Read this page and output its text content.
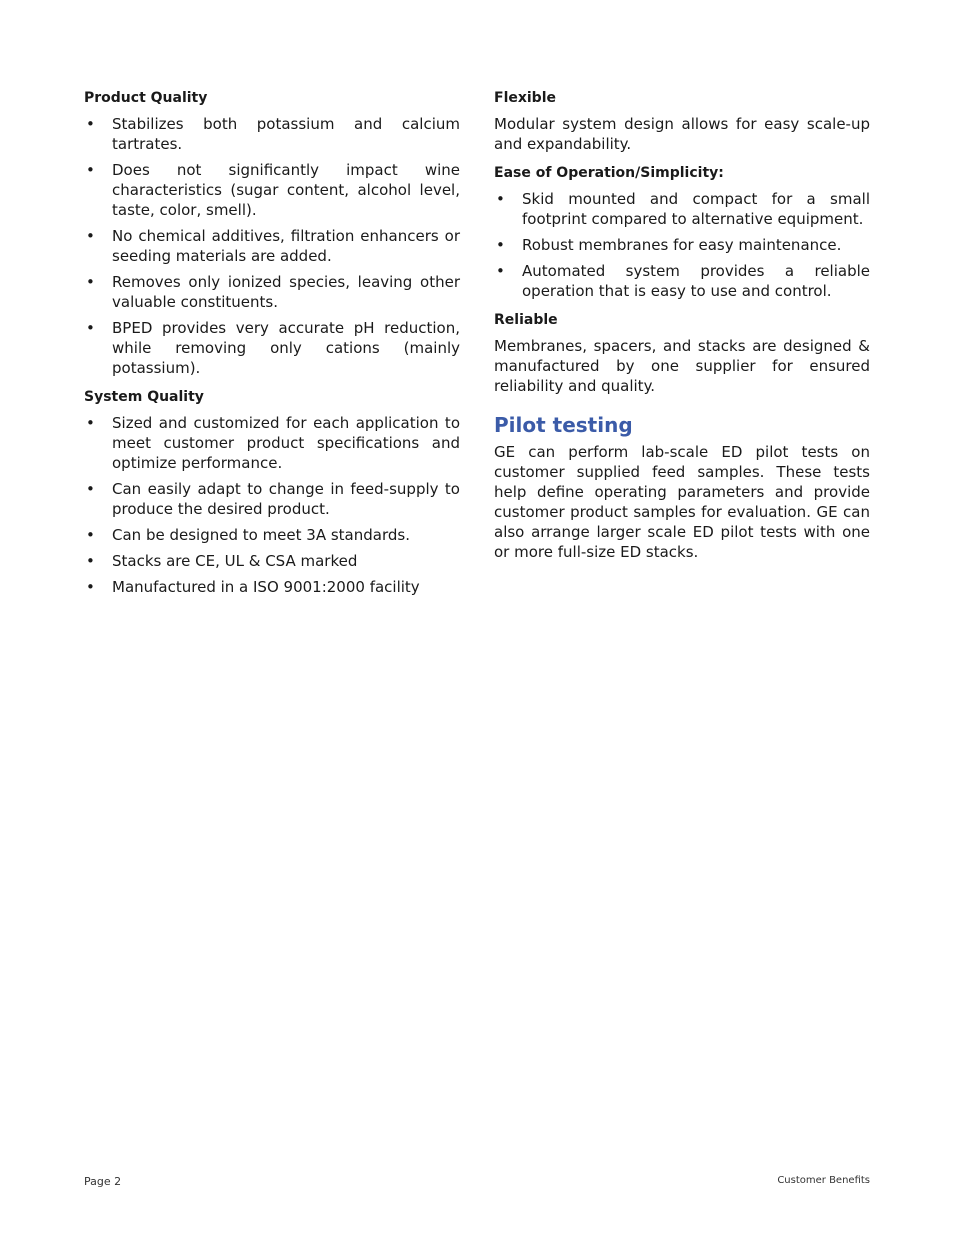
Product Quality
• Stabilizes both potassium and calcium tartrates.
• Does not significantly impact wine characteristics (sugar content, alcohol level, taste, color, smell).
• No chemical additives, filtration enhancers or seeding materials are added.
• Removes only ionized species, leaving other valuable constituents.
• BPED provides very accurate pH reduction, while removing only cations (mainly potassium).
System Quality
• Sized and customized for each application to meet customer product specifications and optimize performance.
• Can easily adapt to change in feed-supply to produce the desired product.
• Can be designed to meet 3A standards.
• Stacks are CE, UL & CSA marked
• Manufactured in a ISO 9001:2000 facility
Flexible

Modular system design allows for easy scale-up and expandability.

Ease of Operation/Simplicity:
• Skid mounted and compact for a small footprint compared to alternative equipment.
• Robust membranes for easy maintenance.
• Automated system provides a reliable operation that is easy to use and control.
Reliable

Membranes, spacers, and stacks are designed & manufactured by one supplier for ensured reliability and quality.

Pilot testing

GE can perform lab-scale ED pilot tests on customer supplied feed samples. These tests help define operating parameters and provide customer product samples for evaluation. GE can also arrange larger scale ED pilot tests with one or more full-size ED stacks.

Page 2	Customer Benefits
